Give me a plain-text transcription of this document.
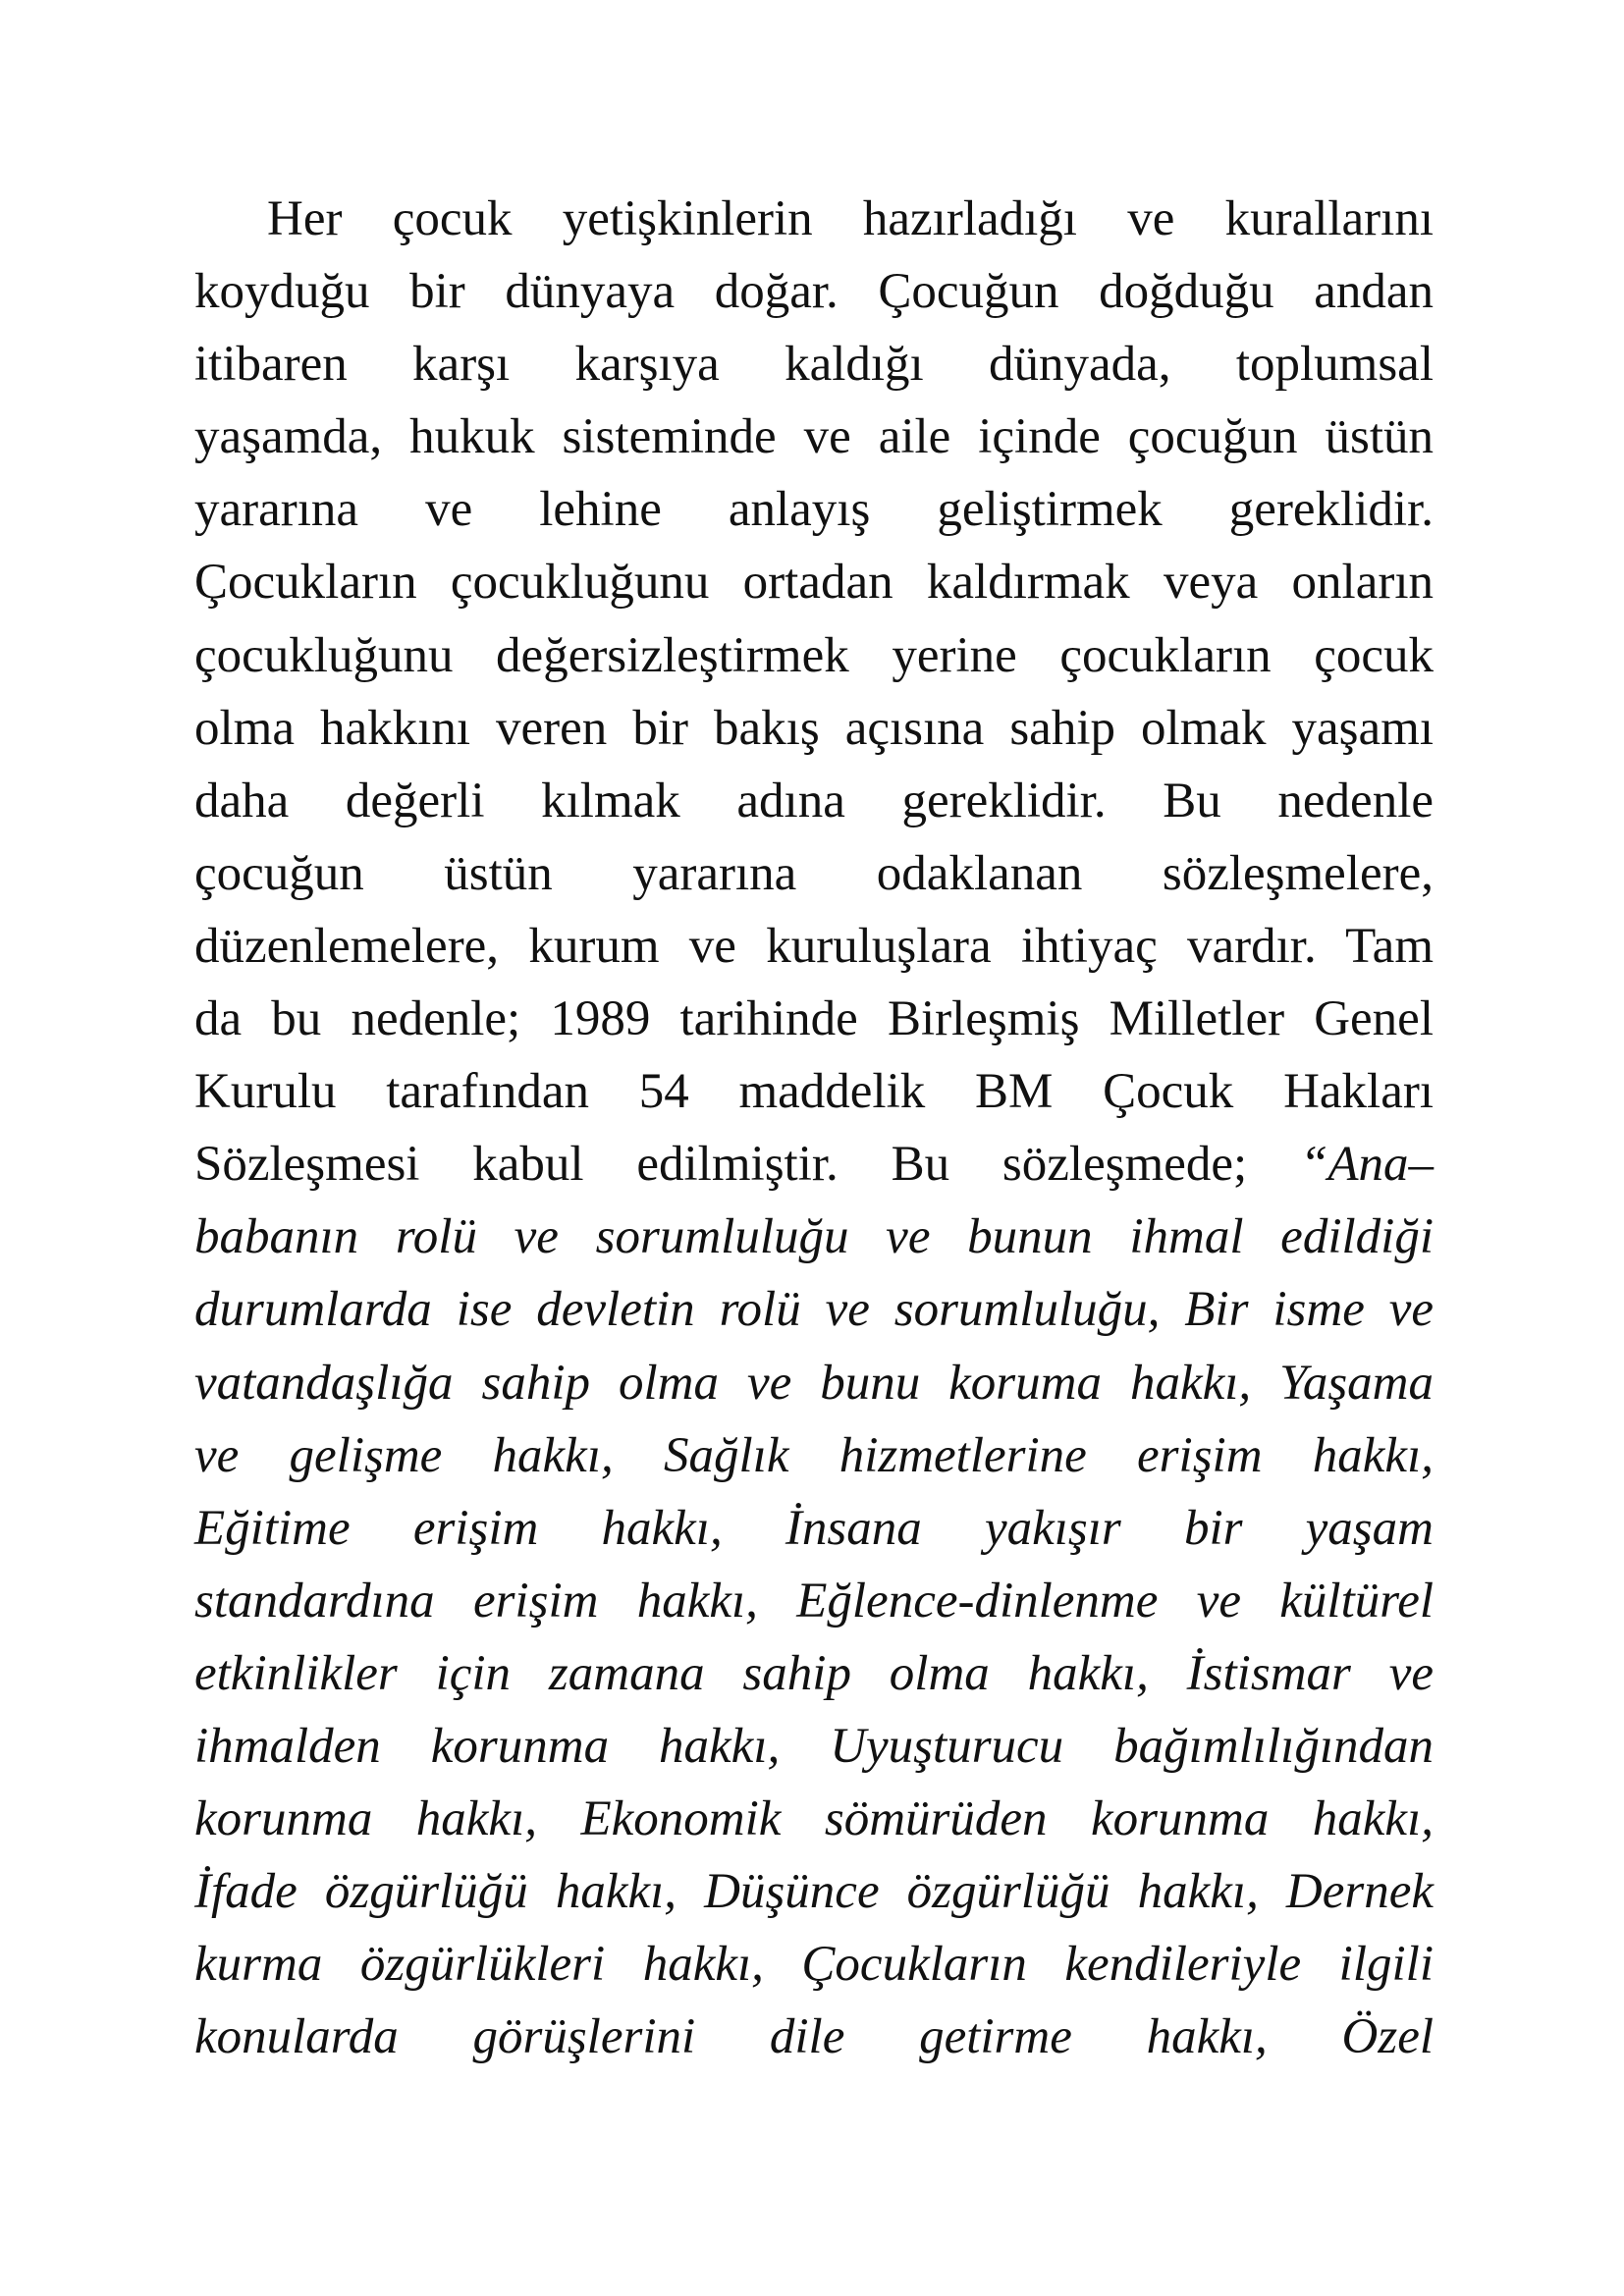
Her çocuk yetişkinlerin hazırladığı ve kurallarını
koyduğu bir dünyaya doğar. Çocuğun doğduğu andan
itibaren karşı karşıya kaldığı dünyada, toplumsal
yaşamda, hukuk sisteminde ve aile içinde çocuğun üstün
yararına ve lehine anlayış geliştirmek gereklidir.
Çocukların çocukluğunu ortadan kaldırmak veya onların
çocukluğunu değersizleştirmek yerine çocukların çocuk
olma hakkını veren bir bakış açısına sahip olmak yaşamı
daha değerli kılmak adına gereklidir. Bu nedenle
çocuğun üstün yararına odaklanan sözleşmelere,
düzenlemelere, kurum ve kuruluşlara ihtiyaç vardır. Tam
da bu nedenle; 1989 tarihinde Birleşmiş Milletler Genel
Kurulu tarafından 54 maddelik BM Çocuk Hakları
Sözleşmesi kabul edilmiştir. Bu sözleşmede; “Ana–
babanın rolü ve sorumluluğu ve bunun ihmal edildiği
durumlarda ise devletin rolü ve sorumluluğu, Bir isme ve
vatandaşlığa sahip olma ve bunu koruma hakkı, Yaşama
ve gelişme hakkı, Sağlık hizmetlerine erişim hakkı,
Eğitime erişim hakkı, İnsana yakışır bir yaşam
standardına erişim hakkı, Eğlence-dinlenme ve kültürel
etkinlikler için zamana sahip olma hakkı, İstismar ve
ihmalden korunma hakkı, Uyuşturucu bağımlılığından
korunma hakkı, Ekonomik sömürüden korunma hakkı,
İfade özgürlüğü hakkı, Düşünce özgürlüğü hakkı, Dernek
kurma özgürlükleri hakkı, Çocukların kendileriyle ilgili
konularda görüşlerini dile getirme hakkı, Özel
